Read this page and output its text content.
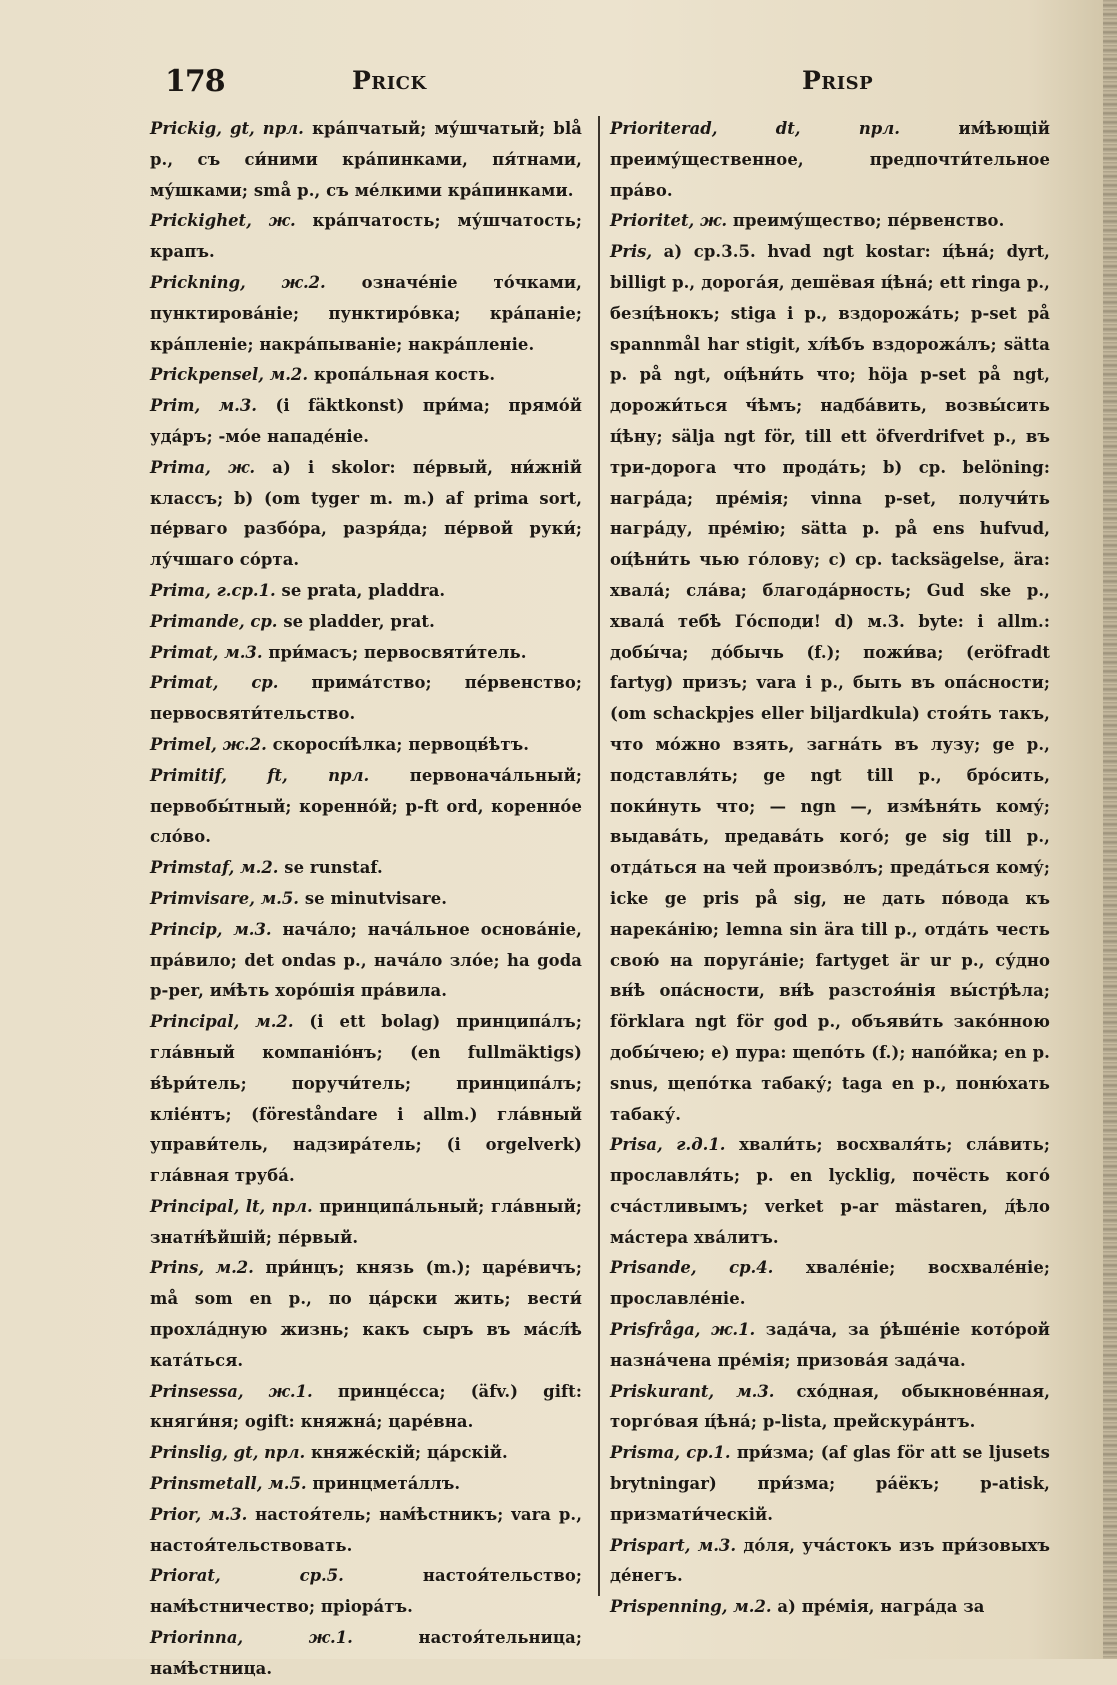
178	Prick	Prisp

Prickig, gt, прл. кра́пчатый; му́шчатый; blå p., съ си́ними кра́пинками, пя́тнами, му́шками; små p., съ ме́лкими кра́пинками.

Prickighet, ж. кра́пчатость; му́шчатость; крапъ.

Prickning, ж.2. означе́ніе то́чками, пунктирова́ніе; пунктиро́вка; кра́паніе; кра́пленіе; накра́пываніе; накра́пленіе.

Prickpensel, м.2. кропа́льная кость.

Prim, м.3. (i fäktkonst) при́ма; прямо́й уда́ръ; -мо́е нападе́ніе.

Prima, ж. a) i skolor: пе́рвый, ни́жній классъ; b) (om tyger m. m.) af prima sort, пе́рваго разбо́ра, разря́да; пе́рвой руки́; лу́чшаго со́рта.

Prima, г.ср.1. se prata, pladdra.

Primande, ср. se pladder, prat.

Primat, м.3. при́масъ; первосвяти́тель.

Primat, ср. прима́тство; пе́рвенство; первосвяти́тельство.

Primel, ж.2. скоросп́ѣлка; первоцв́ѣтъ.

Primitif, ft, прл. первонача́льный; первобы́тный; коренно́й; p-ft ord, коренно́е сло́во.

Primstaf, м.2. se runstaf.

Primvisare, м.5. se minutvisare.

Princip, м.3. нача́ло; нача́льное основа́ніе, пра́вило; det ondas p., нача́ло зло́е; ha goda p-per, им́ѣть хоро́шія пра́вила.

Principal, м.2. (i ett bolag) принципа́лъ; гла́вный компаніо́нъ; (en fullmäktigs) в́ѣри́тель; поручи́тель; принципа́лъ; кліе́нтъ; (föreståndare i allm.) гла́вный управи́тель, надзира́тель; (i orgelverk) гла́вная труба́.

Principal, lt, прл. принципа́льный; гла́вный; знатн́ѣйшій; пе́рвый.

Prins, м.2. при́нцъ; князь (m.); царе́вичъ; må som en p., по ца́рски жить; вести́ прохла́дную жизнь; какъ сыръ въ ма́сл́ѣ ката́ться.

Prinsessa, ж.1. принце́сса; (äfv.) gift: княги́ня; ogift: княжна́; царе́вна.

Prinslig, gt, прл. княже́скій; ца́рскій.

Prinsmetall, м.5. принцмета́ллъ.

Prior, м.3. настоя́тель; нам́ѣстникъ; vara p., настоя́тельствовать.

Priorat, ср.5. настоя́тельство; нам́ѣстничество; пріора́тъ.

Priorinna, ж.1. настоя́тельница; нам́ѣстница.

Prioriterad, dt, прл. им́ѣющій преиму́щественное, предпочти́тельное пра́во.

Prioritet, ж. преиму́щество; пе́рвенство.

Pris, a) ср.3.5. hvad ngt kostar: ц́ѣна́; dyrt, billigt p., дорога́я, дешёвая ц́ѣна́; ett ringa p., безц́ѣнокъ; stiga i p., вздорожа́ть; p-set på spannmål har stigit, хл́ѣбъ вздорожа́лъ; sätta p. på ngt, оц́ѣни́ть что; höja p-set på ngt, дорожи́ться ч́ѣмъ; надба́вить, возвы́сить ц́ѣну; sälja ngt för, till ett öfverdrifvet p., въ три-дорога что прода́ть; b) ср. belöning: награ́да; пре́мія; vinna p-set, получи́ть награ́ду, пре́мію; sätta p. på ens hufvud, оц́ѣни́ть чью го́лову; c) ср. tacksägelse, ära: хвала́; сла́ва; благода́рность; Gud ske p., хвала́ теб́ѣ Го́споди! d) м.3. byte: i allm.: добы́ча; до́бычь (f.); пожи́ва; (eröfradt fartyg) призъ; vara i p., быть въ опа́сности; (om schackpjes eller biljardkula) стоя́ть такъ, что мо́жно взять, загна́ть въ лузу; ge p., подставля́ть; ge ngt till p., бро́сить, поки́нуть что; — ngn —, изм́ѣня́ть кому́; выдава́ть, предава́ть кого́; ge sig till p., отда́ться на чей произво́лъ; преда́ться кому́; icke ge pris på sig, не дать по́вода къ нарека́нію; lemna sin ära till p., отда́ть честь свою́ на поруга́ніе; fartyget är ur p., су́дно вн́ѣ опа́сности, вн́ѣ разстоя́нія вы́стр́ѣла; förklara ngt för god p., объяви́ть зако́нною добы́чею; e) пура: щепо́ть (f.); напо́йка; en p. snus, щепо́тка табаку́; taga en p., поню́хать табаку́.

Prisa, г.д.1. хвали́ть; восхваля́ть; сла́вить; прославля́ть; p. en lycklig, почёсть кого́ сча́стливымъ; verket p-ar mästaren, д́ѣло ма́стера хва́литъ.

Prisande, ср.4. хвале́ніе; восхвале́ніе; прославле́ніе.

Prisfråga, ж.1. зада́ча, за р́ѣше́ніе кото́рой назна́чена пре́мія; призова́я зада́ча.

Priskurant, м.3. схо́дная, обыкнове́нная, торго́вая ц́ѣна́; p-lista, прейскура́нтъ.

Prisma, ср.1. при́зма; (af glas för att se ljusets brytningar) при́зма; ра́ёкъ; p-atisk, призмати́ческій.

Prispart, м.3. до́ля, уча́стокъ изъ при́зовыхъ де́негъ.

Prispenning, м.2. a) пре́мія, награ́да за
